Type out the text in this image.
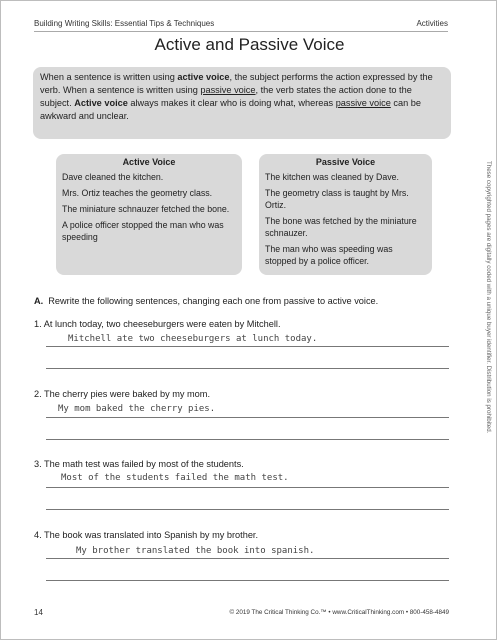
Building Writing Skills: Essential Tips & Techniques	Activities
Active and Passive Voice
When a sentence is written using active voice, the subject performs the action expressed by the verb. When a sentence is written using passive voice, the verb states the action done to the subject. Active voice always makes it clear who is doing what, whereas passive voice can be awkward and unclear.
Active Voice
Dave cleaned the kitchen.
Mrs. Ortiz teaches the geometry class.
The miniature schnauzer fetched the bone.
A police officer stopped the man who was speeding
Passive Voice
The kitchen was cleaned by Dave.
The geometry class is taught by Mrs. Ortiz.
The bone was fetched by the miniature schnauzer.
The man who was speeding was stopped by a police officer.
A. Rewrite the following sentences, changing each one from passive to active voice.
1. At lunch today, two cheeseburgers were eaten by Mitchell.
Mitchell ate two cheeseburgers at lunch today.
2. The cherry pies were baked by my mom.
My mom baked the cherry pies.
3. The math test was failed by most of the students.
Most of the students failed the math test.
4. The book was translated into Spanish by my brother.
My brother translated the book into spanish.
These copyrighted pages are digitally coded with a unique buyer identifier. Distribution is prohibited.
14	© 2019 The Critical Thinking Co.™ • www.CriticalThinking.com • 800-458-4849
